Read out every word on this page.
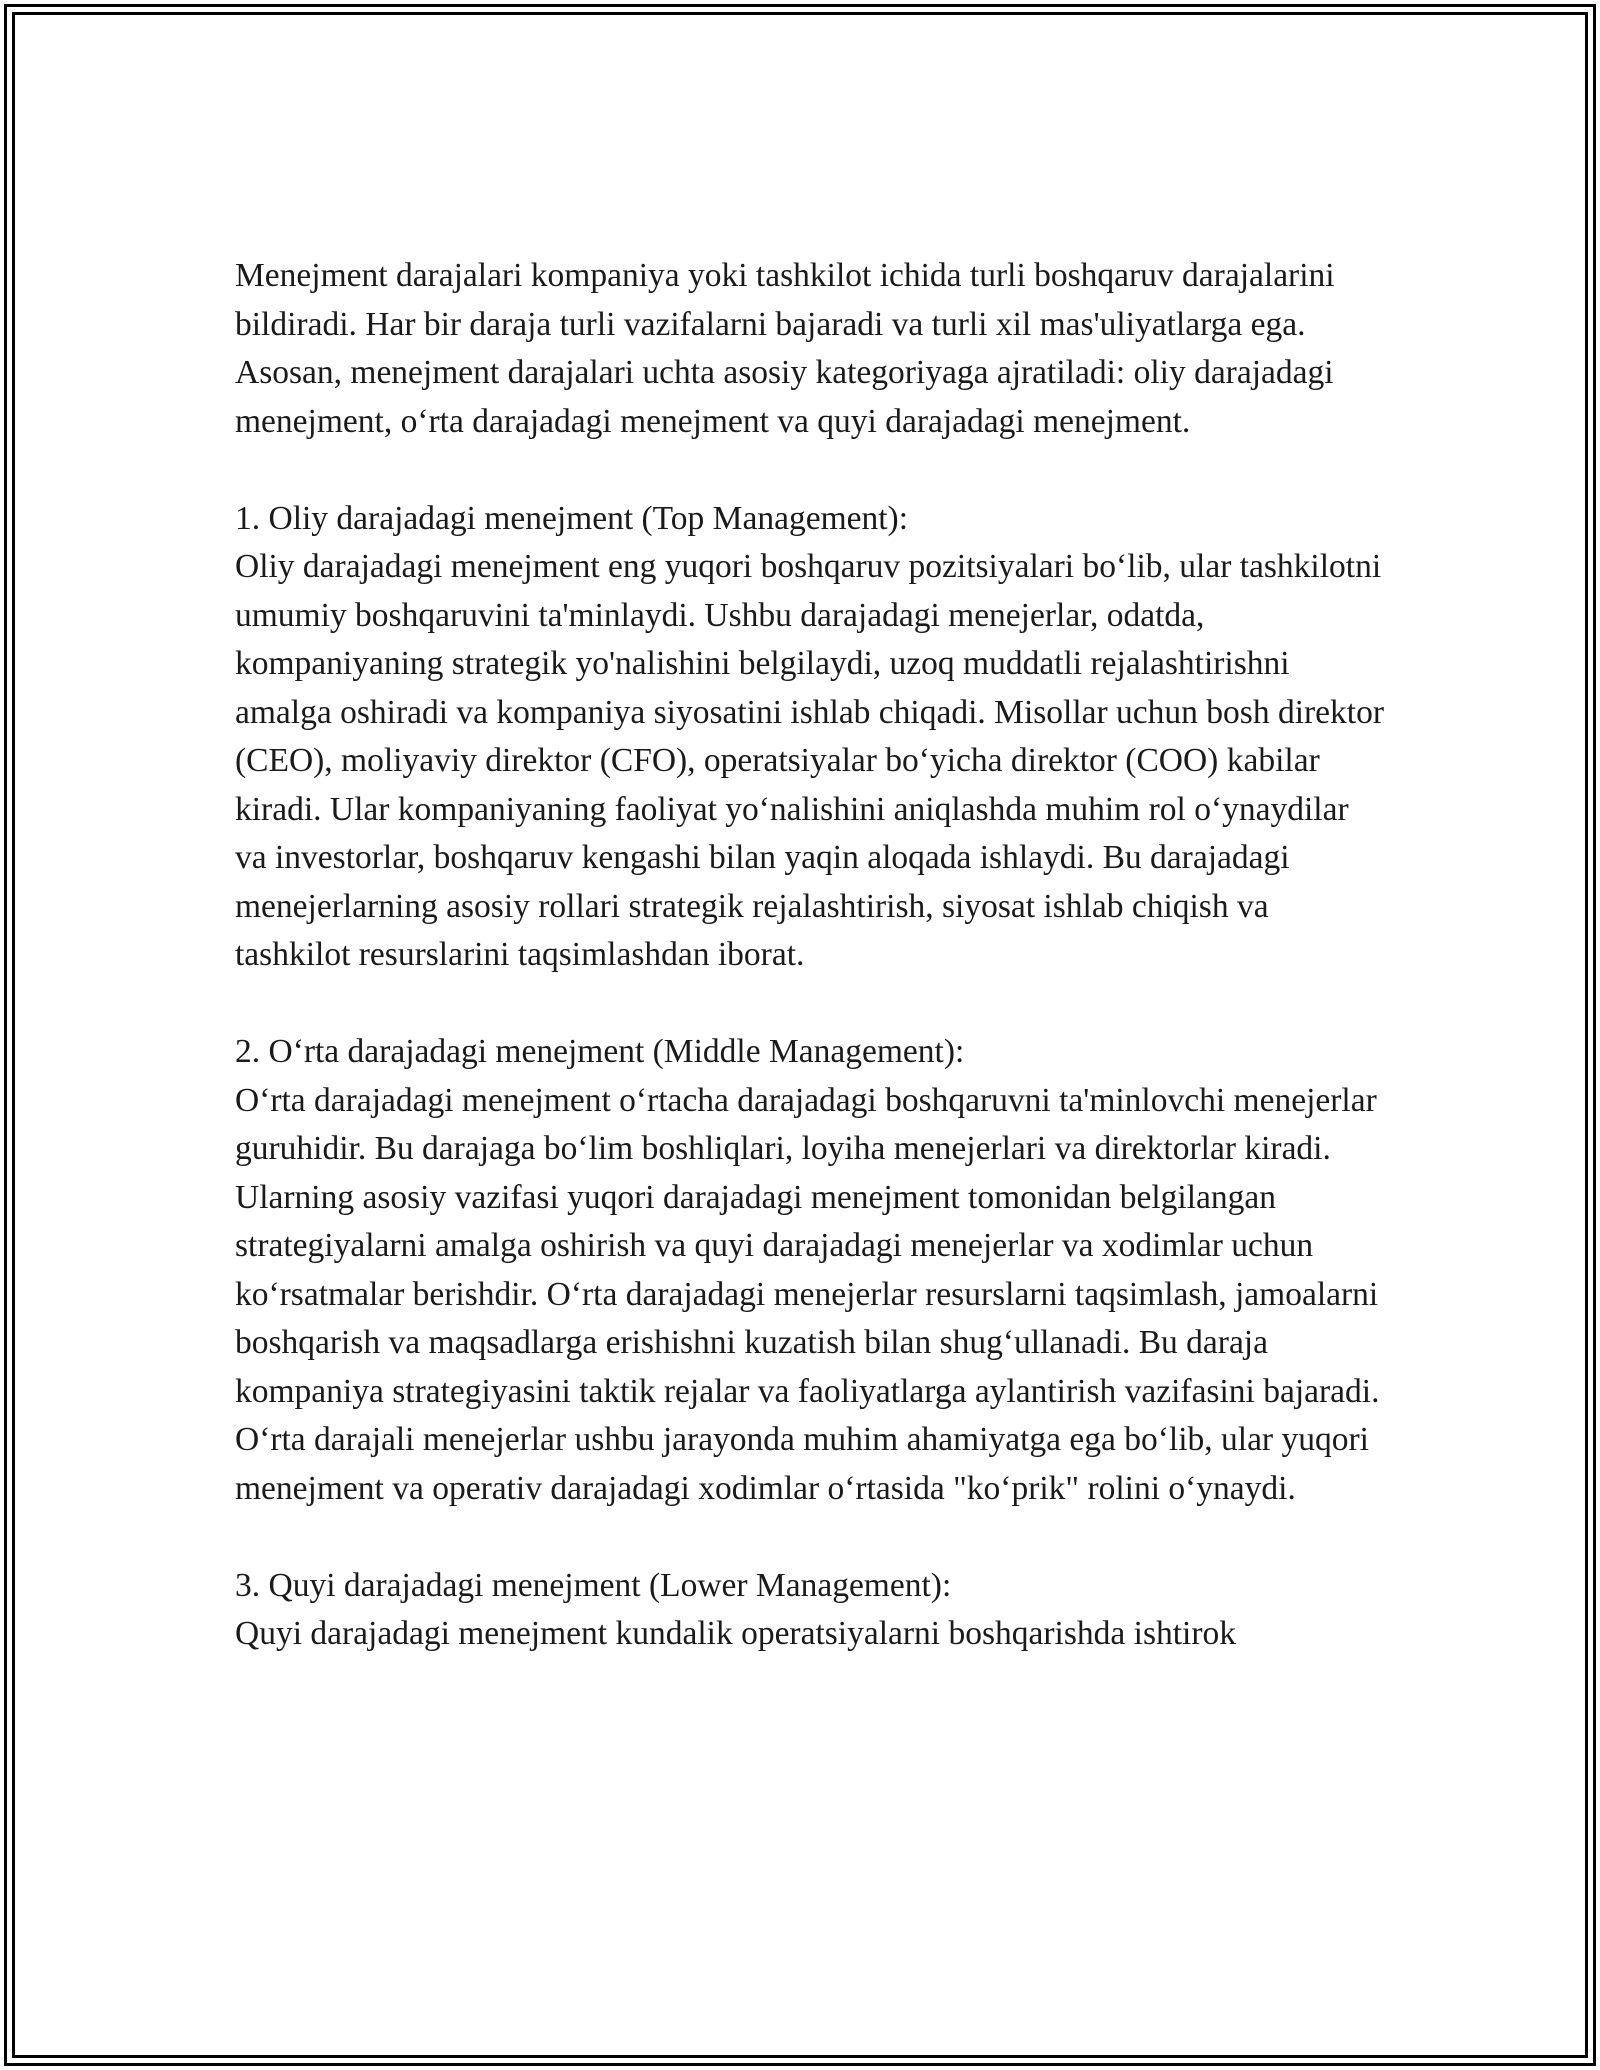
Menejment darajalari kompaniya yoki tashkilot ichida turli boshqaruv darajalarini bildiradi. Har bir daraja turli vazifalarni bajaradi va turli xil mas'uliyatlarga ega. Asosan, menejment darajalari uchta asosiy kategoriyaga ajratiladi: oliy darajadagi menejment, o‘rta darajadagi menejment va quyi darajadagi menejment.

1. Oliy darajadagi menejment (Top Management):

Oliy darajadagi menejment eng yuqori boshqaruv pozitsiyalari bo‘lib, ular tashkilotni umumiy boshqaruvini ta'minlaydi. Ushbu darajadagi menejerlar, odatda, kompaniyaning strategik yo'nalishini belgilaydi, uzoq muddatli rejalashtirishni amalga oshiradi va kompaniya siyosatini ishlab chiqadi. Misollar uchun bosh direktor (CEO), moliyaviy direktor (CFO), operatsiyalar bo‘yicha direktor (COO) kabilar kiradi. Ular kompaniyaning faoliyat yo‘nalishini aniqlashda muhim rol o‘ynaydilar va investorlar, boshqaruv kengashi bilan yaqin aloqada ishlaydi. Bu darajadagi menejerlarning asosiy rollari strategik rejalashtirish, siyosat ishlab chiqish va tashkilot resurslarini taqsimlashdan iborat.

2. O‘rta darajadagi menejment (Middle Management):

O‘rta darajadagi menejment o‘rtacha darajadagi boshqaruvni ta'minlovchi menejerlar guruhidir. Bu darajaga bo‘lim boshliqlari, loyiha menejerlari va direktorlar kiradi. Ularning asosiy vazifasi yuqori darajadagi menejment tomonidan belgilangan strategiyalarni amalga oshirish va quyi darajadagi menejerlar va xodimlar uchun ko‘rsatmalar berishdir. O‘rta darajadagi menejerlar resurslarni taqsimlash, jamoalarni boshqarish va maqsadlarga erishishni kuzatish bilan shug‘ullanadi. Bu daraja kompaniya strategiyasini taktik rejalar va faoliyatlarga aylantirish vazifasini bajaradi. O‘rta darajali menejerlar ushbu jarayonda muhim ahamiyatga ega bo‘lib, ular yuqori menejment va operativ darajadagi xodimlar o‘rtasida "ko‘prik" rolini o‘ynaydi.

3. Quyi darajadagi menejment (Lower Management):

Quyi darajadagi menejment kundalik operatsiyalarni boshqarishda ishtirok
